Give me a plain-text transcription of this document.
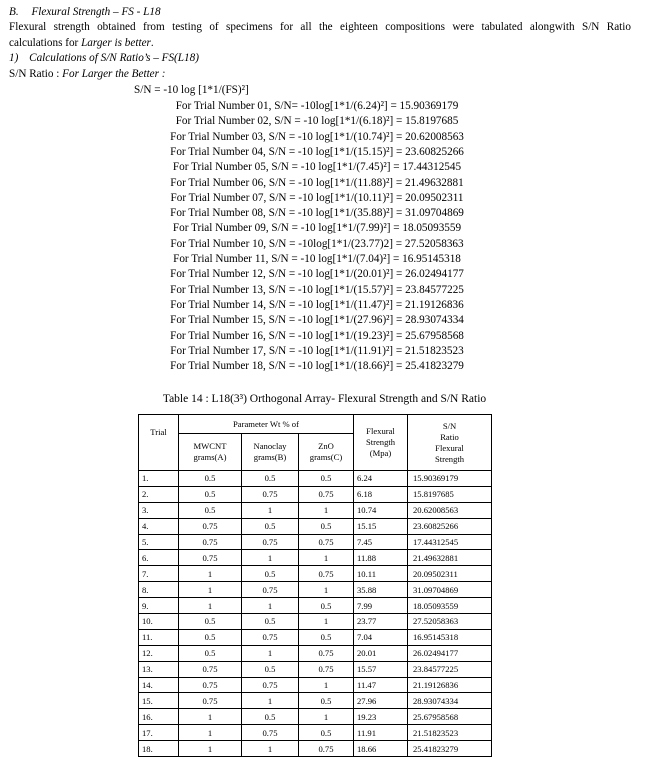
B. Flexural Strength – FS - L18
Flexural strength obtained from testing of specimens for all the eighteen compositions were tabulated alongwith S/N Ratio
calculations for Larger is better.
1) Calculations of S/N Ratio’s – FS(L18)
S/N Ratio : For Larger the Better :
S/N = -10 log [1*1/(FS)²]
For Trial Number 01, S/N= -10log[1*1/(6.24)²] = 15.90369179
For Trial Number 02, S/N = -10 log[1*1/(6.18)²] = 15.8197685
For Trial Number 03, S/N = -10 log[1*1/(10.74)²] = 20.62008563
For Trial Number 04, S/N = -10 log[1*1/(15.15)²] = 23.60825266
For Trial Number 05, S/N = -10 log[1*1/(7.45)²] = 17.44312545
For Trial Number 06, S/N = -10 log[1*1/(11.88)²] = 21.49632881
For Trial Number 07, S/N = -10 log[1*1/(10.11)²] = 20.09502311
For Trial Number 08, S/N = -10 log[1*1/(35.88)²] = 31.09704869
For Trial Number 09, S/N = -10 log[1*1/(7.99)²] = 18.05093559
For Trial Number 10, S/N = -10log[1*1/(23.77)2] = 27.52058363
For Trial Number 11, S/N = -10 log[1*1/(7.04)²] = 16.95145318
For Trial Number 12, S/N = -10 log[1*1/(20.01)²] = 26.02494177
For Trial Number 13, S/N = -10 log[1*1/(15.57)²] = 23.84577225
For Trial Number 14, S/N = -10 log[1*1/(11.47)²] = 21.19126836
For Trial Number 15, S/N = -10 log[1*1/(27.96)²] = 28.93074334
For Trial Number 16, S/N = -10 log[1*1/(19.23)²] = 25.67958568
For Trial Number 17, S/N = -10 log[1*1/(11.91)²] = 21.51823523
For Trial Number 18, S/N = -10 log[1*1/(18.66)²] = 25.41823279
Table 14 : L18(3³) Orthogonal Array- Flexural Strength and S/N Ratio
Trial	Parameter Wt % of			Flexural
Strength
(Mpa)	S/N
Ratio
Flexural
Strength
	MWCNT
grams(A)	Nanoclay
grams(B)	ZnO
grams(C)		
1.	0.5	0.5	0.5	6.24	15.90369179
2.	0.5	0.75	0.75	6.18	15.8197685
3.	0.5	1	1	10.74	20.62008563
4.	0.75	0.5	0.5	15.15	23.60825266
5.	0.75	0.75	0.75	7.45	17.44312545
6.	0.75	1	1	11.88	21.49632881
7.	1	0.5	0.75	10.11	20.09502311
8.	1	0.75	1	35.88	31.09704869
9.	1	1	0.5	7.99	18.05093559
10.	0.5	0.5	1	23.77	27.52058363
11.	0.5	0.75	0.5	7.04	16.95145318
12.	0.5	1	0.75	20.01	26.02494177
13.	0.75	0.5	0.75	15.57	23.84577225
14.	0.75	0.75	1	11.47	21.19126836
15.	0.75	1	0.5	27.96	28.93074334
16.	1	0.5	1	19.23	25.67958568
17.	1	0.75	0.5	11.91	21.51823523
18.	1	1	0.75	18.66	25.41823279
